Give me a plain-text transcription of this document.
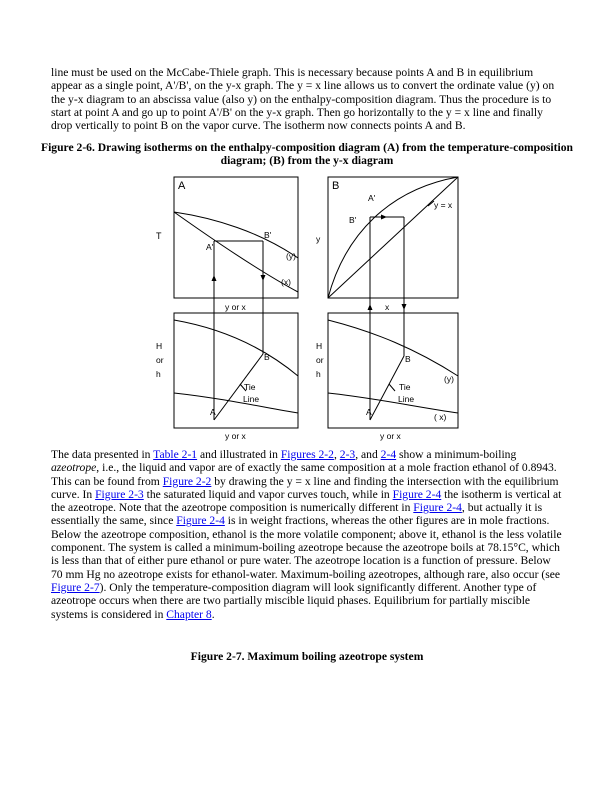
line must be used on the McCabe-Thiele graph. This is necessary because points A and B in equilibrium appear as a single point, A'/B', on the y-x graph. The y = x line allows us to convert the ordinate value (y) on the y-x diagram to an abscissa value (also y) on the enthalpy-composition diagram. Thus the procedure is to start at point A and go up to point A'/B' on the y-x graph. Then go horizontally to the y = x line and finally drop vertically to point B on the vapor curve. The isotherm now connects points A and B.
Figure 2-6. Drawing isotherms on the enthalpy-composition diagram (A) from the temperature-composition diagram; (B) from the y-x diagram
A
T
A'
B'
(y)
(x)
y or x
H
or
h
B
Tie
Line
A
y or x
B
y
A'
B'
y = x
x
H
or
h
B
(y)
Tie
Line
( x)
A
y or x
The data presented in Table 2-1 and illustrated in Figures 2-2, 2-3, and 2-4 show a minimum-boiling azeotrope, i.e., the liquid and vapor are of exactly the same composition at a mole fraction ethanol of 0.8943. This can be found from Figure 2-2 by drawing the y = x line and finding the intersection with the equilibrium curve. In Figure 2-3 the saturated liquid and vapor curves touch, while in Figure 2-4 the isotherm is vertical at the azeotrope. Note that the azeotrope composition is numerically different in Figure 2-4, but actually it is essentially the same, since Figure 2-4 is in weight fractions, whereas the other figures are in mole fractions. Below the azeotrope composition, ethanol is the more volatile component; above it, ethanol is the less volatile component. The system is called a minimum-boiling azeotrope because the azeotrope boils at 78.15°C, which is less than that of either pure ethanol or pure water. The azeotrope location is a function of pressure. Below 70 mm Hg no azeotrope exists for ethanol-water. Maximum-boiling azeotropes, although rare, also occur (see Figure 2-7). Only the temperature-composition diagram will look significantly different. Another type of azeotrope occurs when there are two partially miscible liquid phases. Equilibrium for partially miscible systems is considered in Chapter 8.
Figure 2-7. Maximum boiling azeotrope system
